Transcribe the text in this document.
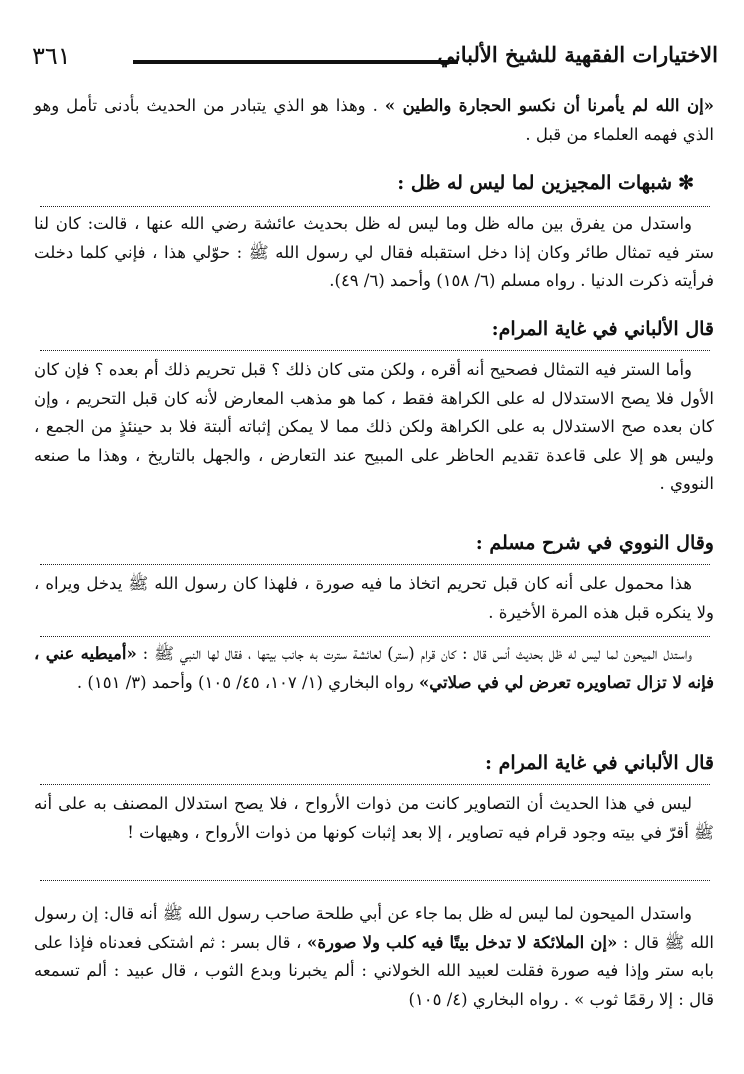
٣٦١	الاختيارات الفقهية للشيخ الألباني

«إن الله لم يأمرنا أن نكسو الحجارة والطين » . وهذا هو الذي يتبادر من الحديث بأدنى تأمل وهو الذي فهمه العلماء من قبل .

✻شبهات المجيزين لما ليس له ظل :

واستدل من يفرق بين ماله ظل وما ليس له ظل بحديث عائشة رضي الله عنها ، قالت: كان لنا ستر فيه تمثال طائر وكان إذا دخل استقبله فقال لي رسول الله ﷺ : حوّلي هذا ، فإني كلما دخلت فرأيته ذكرت الدنيا . رواه مسلم (٦/ ١٥٨) وأحمد (٦/ ٤٩).

قال الألباني في غاية المرام:

وأما الستر فيه التمثال فصحيح أنه أقره ، ولكن متى كان ذلك ؟ قبل تحريم ذلك أم بعده ؟ فإن كان الأول فلا يصح الاستدلال له على الكراهة فقط ، كما هو مذهب المعارض لأنه كان قبل التحريم ، وإن كان بعده صح الاستدلال به على الكراهة ولكن ذلك مما لا يمكن إثباته ألبتة فلا بد حينئذٍ من الجمع ، وليس هو إلا على قاعدة تقديم الحاظر على المبيح عند التعارض ، والجهل بالتاريخ ، وهذا ما صنعه النووي .

وقال النووي في شرح مسلم :

هذا محمول على أنه كان قبل تحريم اتخاذ ما فيه صورة ، فلهذا كان رسول الله ﷺ يدخل ويراه ، ولا ينكره قبل هذه المرة الأخيرة .

واستدل الميحون لما ليس له ظل بحديث أنس قال : كان قرام (ستر) لعائشة سترت به جانب بيتها ، فقال لها النبي ﷺ : «أميطيه عني ، فإنه لا تزال تصاويره تعرض لي في صلاتي» رواه البخاري (١/ ١٠٧، ٤٥/ ١٠٥) وأحمد (٣/ ١٥١) .

قال الألباني في غاية المرام :

ليس في هذا الحديث أن التصاوير كانت من ذوات الأرواح ، فلا يصح استدلال المصنف به على أنه ﷺ أقرّ في بيته وجود قرام فيه تصاوير ، إلا بعد إثبات كونها من ذوات الأرواح ، وهيهات !

واستدل الميحون لما ليس له ظل بما جاء عن أبي طلحة صاحب رسول الله ﷺ أنه قال: إن رسول الله ﷺ قال : «إن الملائكة لا تدخل بيتًا فيه كلب ولا صورة» ، قال بسر : ثم اشتكى فعدناه فإذا على بابه ستر وإذا فيه صورة فقلت لعبيد الله الخولاني : ألم يخبرنا وبدع الثوب ، قال عبيد : ألم تسمعه قال : إلا رقمًا ثوب » . رواه البخاري (٤/ ١٠٥)
